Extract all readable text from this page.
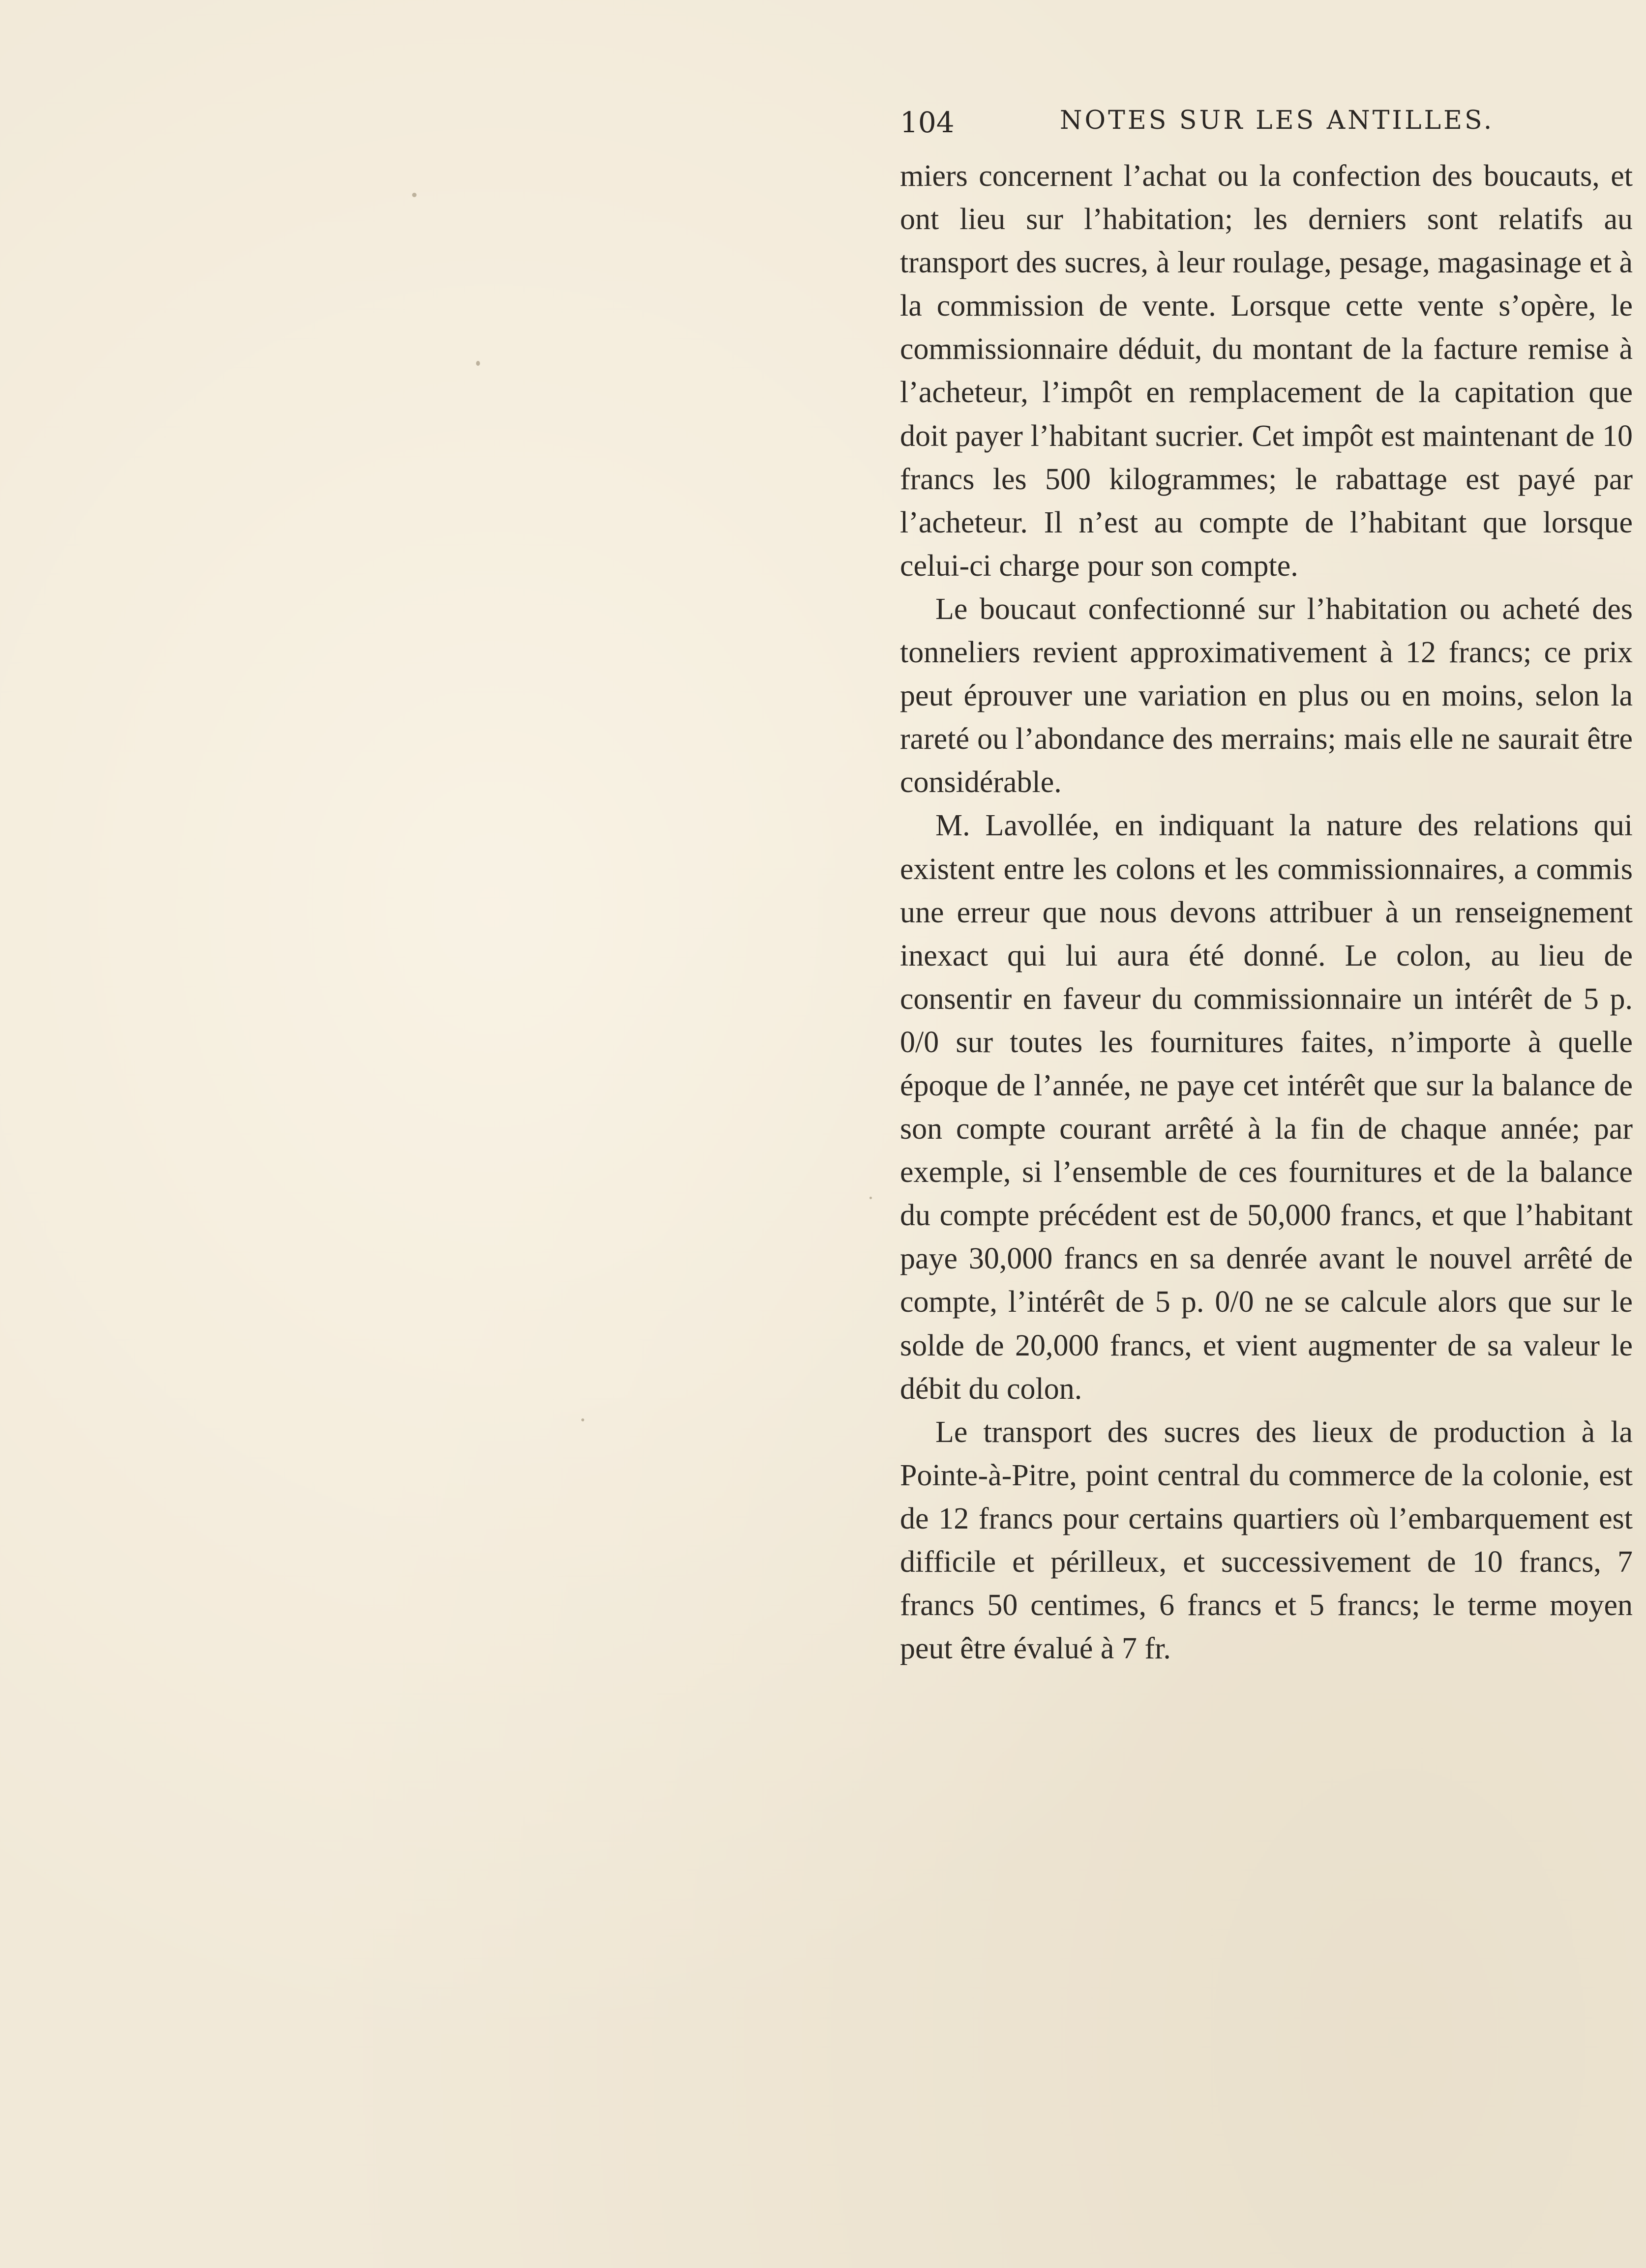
104	NOTES SUR LES ANTILLES.

miers concernent l’achat ou la confection des boucauts, et ont lieu sur l’habitation; les derniers sont relatifs au transport des sucres, à leur roulage, pesage, magasinage et à la commission de vente. Lorsque cette vente s’opère, le commissionnaire déduit, du montant de la facture remise à l’acheteur, l’impôt en remplacement de la capitation que doit payer l’habitant sucrier. Cet impôt est maintenant de 10 francs les 500 kilogrammes; le rabattage est payé par l’acheteur. Il n’est au compte de l’habitant que lorsque celui-ci charge pour son compte.

Le boucaut confectionné sur l’habitation ou acheté des tonneliers revient approximativement à 12 francs; ce prix peut éprouver une variation en plus ou en moins, selon la rareté ou l’abondance des merrains; mais elle ne saurait être considérable.

M. Lavollée, en indiquant la nature des relations qui existent entre les colons et les commissionnaires, a commis une erreur que nous devons attribuer à un renseignement inexact qui lui aura été donné. Le colon, au lieu de consentir en faveur du commissionnaire un intérêt de 5 p. 0/0 sur toutes les fournitures faites, n’importe à quelle époque de l’année, ne paye cet intérêt que sur la balance de son compte courant arrêté à la fin de chaque année; par exemple, si l’ensemble de ces fournitures et de la balance du compte précédent est de 50,000 francs, et que l’habitant paye 30,000 francs en sa denrée avant le nouvel arrêté de compte, l’intérêt de 5 p. 0/0 ne se calcule alors que sur le solde de 20,000 francs, et vient augmenter de sa valeur le débit du colon.

Le transport des sucres des lieux de production à la Pointe-à-Pitre, point central du commerce de la colonie, est de 12 francs pour certains quartiers où l’embarquement est difficile et périlleux, et successivement de 10 francs, 7 francs 50 centimes, 6 francs et 5 francs; le terme moyen peut être évalué à 7 fr.
